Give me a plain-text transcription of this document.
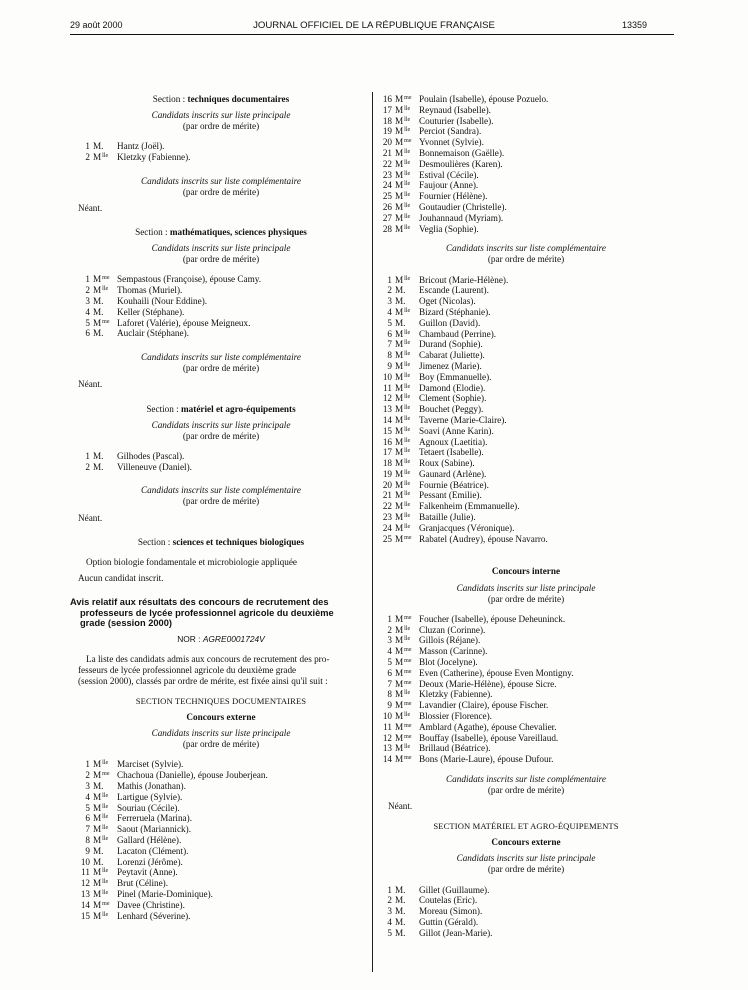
29 août 2000	JOURNAL OFFICIEL DE LA RÉPUBLIQUE FRANÇAISE	13359
Section : techniques documentaires
Candidats inscrits sur liste principale
(par ordre de mérite)
1 M. Hantz (Joël).
2 $M^{lle}$ Kletzky (Fabienne).
Candidats inscrits sur liste complémentaire
(par ordre de mérite)
Néant.
Section : mathématiques, sciences physiques
Candidats inscrits sur liste principale
(par ordre de mérite)
1 $M^{me}$ Sempastous (Françoise), épouse Camy.
2 $M^{lle}$ Thomas (Muriel).
3 M. Kouhaili (Nour Eddine).
4 M. Keller (Stéphane).
5 $M^{me}$ Laforet (Valérie), épouse Meigneux.
6 M. Auclair (Stéphane).
Candidats inscrits sur liste complémentaire
(par ordre de mérite)
Néant.
Section : matériel et agro-équipements
Candidats inscrits sur liste principale
(par ordre de mérite)
1 M. Gilhodes (Pascal).
2 M. Villeneuve (Daniel).
Candidats inscrits sur liste complémentaire
(par ordre de mérite)
Néant.
Section : sciences et techniques biologiques
Option biologie fondamentale et microbiologie appliquée
Aucun candidat inscrit.
Avis relatif aux résultats des concours de recrutement des
professeurs de lycée professionnel agricole du deuxième
grade (session 2000)
NOR : AGRE0001724V
La liste des candidats admis aux concours de recrutement des pro-
fesseurs de lycée professionnel agricole du deuxième grade
(session 2000), classés par ordre de mérite, est fixée ainsi qu'il suit :
SECTION TECHNIQUES DOCUMENTAIRES
Concours externe
Candidats inscrits sur liste principale
(par ordre de mérite)
1 $M^{lle}$ Marciset (Sylvie).
2 $M^{me}$ Chachoua (Danielle), épouse Jouberjean.
3 M. Mathis (Jonathan).
4 $M^{lle}$ Lartigue (Sylvie).
5 $M^{lle}$ Souriau (Cécile).
6 $M^{lle}$ Ferreruela (Marina).
7 $M^{lle}$ Saout (Mariannick).
8 $M^{lle}$ Gallard (Hélène).
9 M. Lacaton (Clément).
10 M. Lorenzi (Jérôme).
11 $M^{lle}$ Peytavit (Anne).
12 $M^{lle}$ Brut (Céline).
13 $M^{lle}$ Pinel (Marie-Dominique).
14 $M^{me}$ Davee (Christine).
15 $M^{lle}$ Lenhard (Séverine).
16 $M^{me}$ Poulain (Isabelle), épouse Pozuelo.
17 $M^{lle}$ Reynaud (Isabelle).
18 $M^{lle}$ Couturier (Isabelle).
19 $M^{lle}$ Perciot (Sandra).
20 $M^{me}$ Yvonnet (Sylvie).
21 $M^{lle}$ Bonnemaison (Gaëlle).
22 $M^{lle}$ Desmoulières (Karen).
23 $M^{lle}$ Estival (Cécile).
24 $M^{lle}$ Faujour (Anne).
25 $M^{lle}$ Fournier (Hélène).
26 $M^{lle}$ Goutaudier (Christelle).
27 $M^{lle}$ Jouhannaud (Myriam).
28 $M^{lle}$ Veglia (Sophie).
Candidats inscrits sur liste complémentaire
(par ordre de mérite)
1 $M^{lle}$ Bricout (Marie-Hélène).
2 M. Escande (Laurent).
3 M. Oget (Nicolas).
4 $M^{lle}$ Bizard (Stéphanie).
5 M. Guillon (David).
6 $M^{lle}$ Chambaud (Perrine).
7 $M^{lle}$ Durand (Sophie).
8 $M^{lle}$ Cabarat (Juliette).
9 $M^{lle}$ Jimenez (Marie).
10 $M^{lle}$ Boy (Emmanuelle).
11 $M^{lle}$ Damond (Elodie).
12 $M^{lle}$ Clement (Sophie).
13 $M^{lle}$ Bouchet (Peggy).
14 $M^{lle}$ Taverne (Marie-Claire).
15 $M^{lle}$ Soavi (Anne Karin).
16 $M^{lle}$ Agnoux (Laetitia).
17 $M^{lle}$ Tetaert (Isabelle).
18 $M^{lle}$ Roux (Sabine).
19 $M^{lle}$ Gaunard (Arlène).
20 $M^{lle}$ Fournie (Béatrice).
21 $M^{lle}$ Pessant (Emilie).
22 $M^{lle}$ Falkenheim (Emmanuelle).
23 $M^{lle}$ Bataille (Julie).
24 $M^{lle}$ Granjacques (Véronique).
25 $M^{me}$ Rabatel (Audrey), épouse Navarro.
Concours interne
Candidats inscrits sur liste principale
(par ordre de mérite)
1 $M^{me}$ Foucher (Isabelle), épouse Deheuninck.
2 $M^{lle}$ Cluzan (Corinne).
3 $M^{lle}$ Gillois (Réjane).
4 $M^{me}$ Masson (Carinne).
5 $M^{me}$ Blot (Jocelyne).
6 $M^{me}$ Even (Catherine), épouse Even Montigny.
7 $M^{me}$ Deoux (Marie-Hélène), épouse Sicre.
8 $M^{lle}$ Kletzky (Fabienne).
9 $M^{me}$ Lavandier (Claire), épouse Fischer.
10 $M^{lle}$ Blossier (Florence).
11 $M^{me}$ Amblard (Agathe), épouse Chevalier.
12 $M^{me}$ Bouffay (Isabelle), épouse Vareillaud.
13 $M^{lle}$ Brillaud (Béatrice).
14 $M^{me}$ Bons (Marie-Laure), épouse Dufour.
Candidats inscrits sur liste complémentaire
(par ordre de mérite)
Néant.
SECTION MATÉRIEL ET AGRO-ÉQUIPEMENTS
Concours externe
Candidats inscrits sur liste principale
(par ordre de mérite)
1 M. Gillet (Guillaume).
2 M. Coutelas (Eric).
3 M. Moreau (Simon).
4 M. Guttin (Gérald).
5 M. Gillot (Jean-Marie).
